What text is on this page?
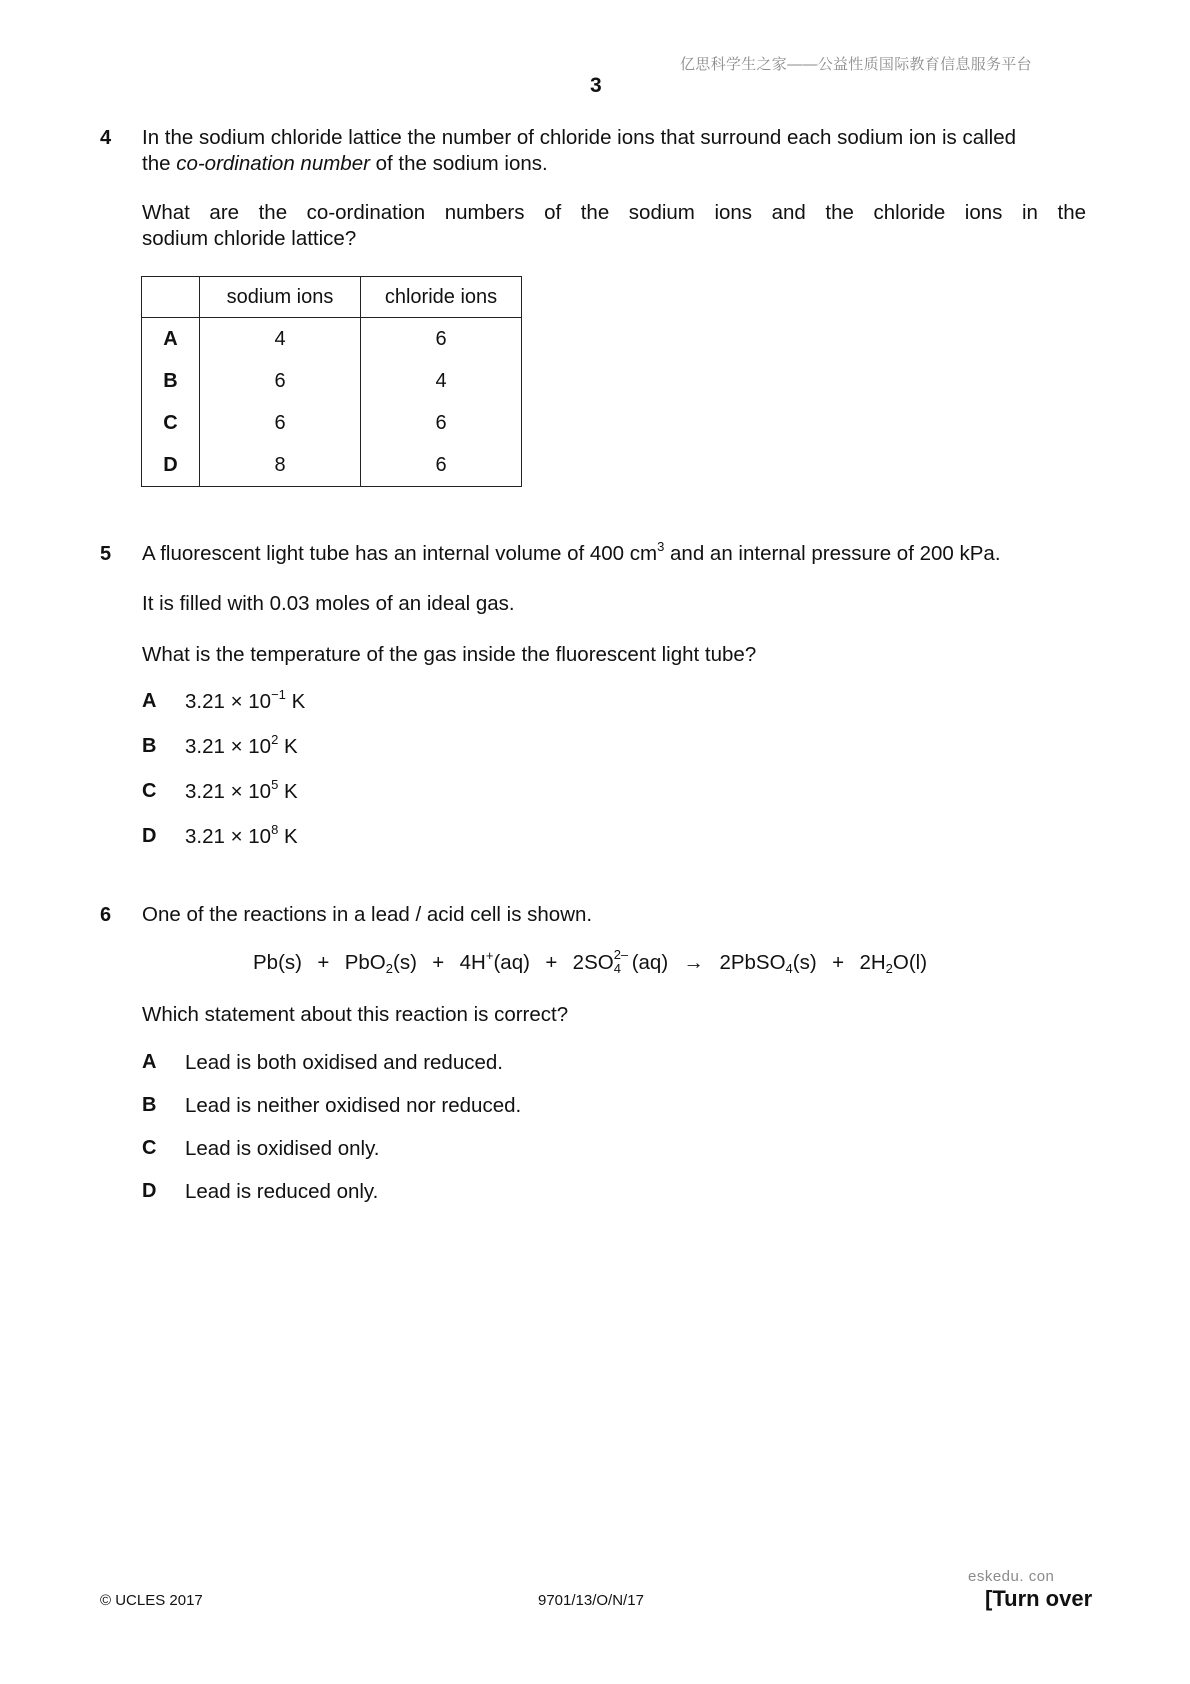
亿思科学生之家——公益性质国际教育信息服务平台
3
4 In the sodium chloride lattice the number of chloride ions that surround each sodium ion is called
the co-ordination number of the sodium ions.
What are the co-ordination numbers of the sodium ions and the chloride ions in the
sodium chloride lattice?
	sodium ions	chloride ions
A	4	6
B	6	4
C	6	6
D	8	6
5 A fluorescent light tube has an internal volume of 400 $cm^3$ and an internal pressure of 200 kPa.
It is filled with 0.03 moles of an ideal gas.
What is the temperature of the gas inside the fluorescent light tube?
A $3.21 \times 10^{-1}$ K
B $3.21 \times 10^2$ K
C $3.21 \times 10^5$ K
D $3.21 \times 10^8$ K
6 One of the reactions in a lead / acid cell is shown.
Pb(s)  +  PbO$_2$(s)  +  4H+(aq)  +  2SO 2–
4 (aq)  →  2PbSO$_4$(s)  +  $2H_2O(l)$
Which statement about this reaction is correct?
A Lead is both oxidised and reduced.
B Lead is neither oxidised nor reduced.
C Lead is oxidised only.
D Lead is reduced only.
© UCLES 2017	9701/13/O/N/17
eskedu. con
[Turn over
